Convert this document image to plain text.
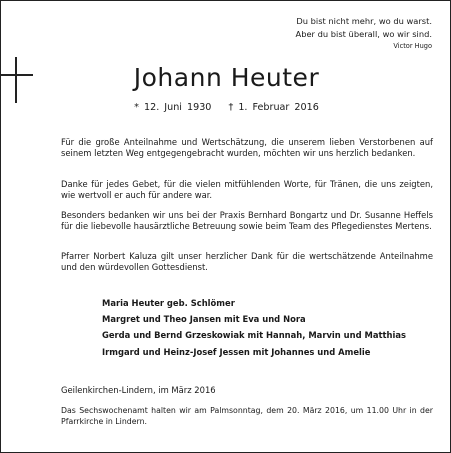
Du bist nicht mehr, wo du warst.
Aber du bist überall, wo wir sind.
Victor Hugo
Johann Heuter
* 12. Juni 1930 † 1. Februar 2016
Für die große Anteilnahme und Wertschätzung, die unserem lieben Verstorbenen auf seinem letzten Weg entgegengebracht wurden, möchten wir uns herzlich bedanken.
Danke für jedes Gebet, für die vielen mitfühlenden Worte, für Tränen, die uns zeigten, wie wertvoll er auch für andere war.
Besonders bedanken wir uns bei der Praxis Bernhard Bongartz und Dr. Susanne Heffels für die liebevolle hausärztliche Betreuung sowie beim Team des Pflegedienstes Mertens.
Pfarrer Norbert Kaluza gilt unser herzlicher Dank für die wertschätzende Anteilnahme und den würdevollen Gottesdienst.
Maria Heuter geb. Schlömer
Margret und Theo Jansen mit Eva und Nora
Gerda und Bernd Grzeskowiak mit Hannah, Marvin und Matthias
Irmgard und Heinz-Josef Jessen mit Johannes und Amelie
Geilenkirchen-Lindern, im März 2016
Das Sechswochenamt halten wir am Palmsonntag, dem 20. März 2016, um 11.00 Uhr in der Pfarrkirche in Lindern.
